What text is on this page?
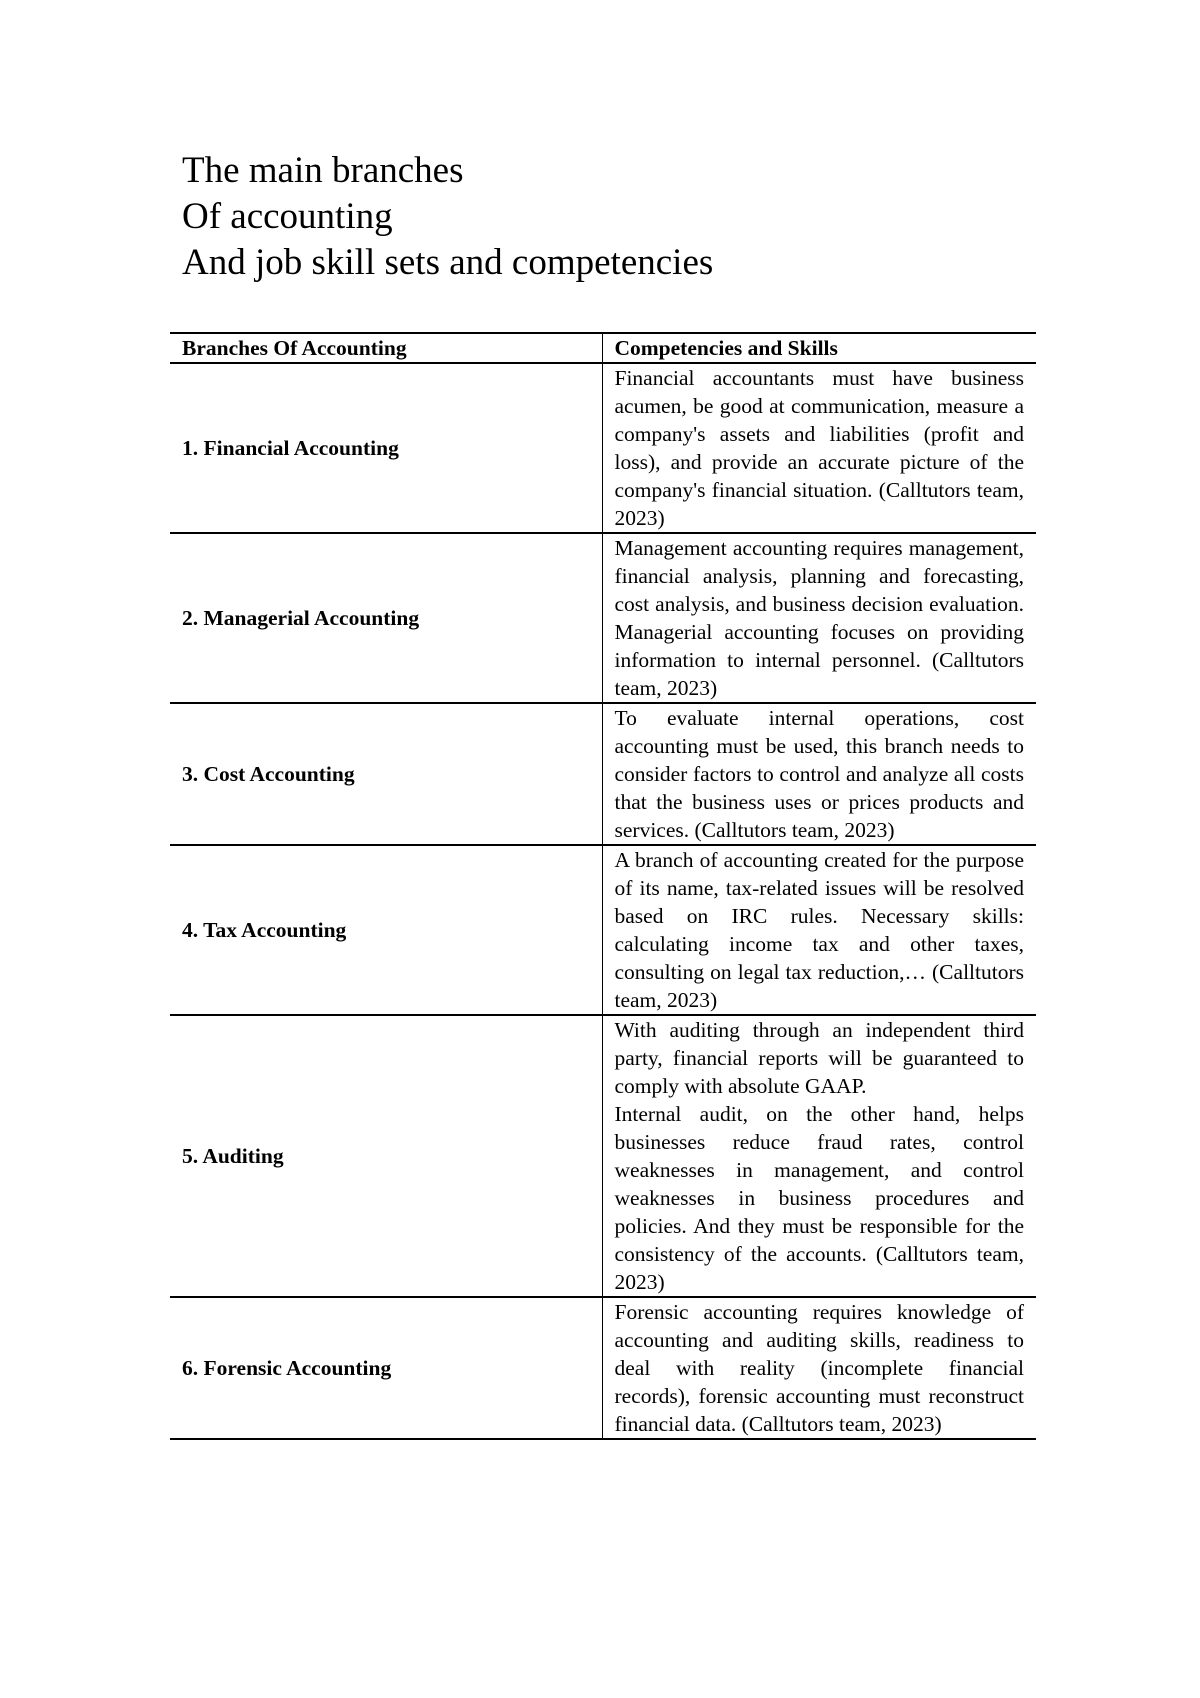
The main branches
Of accounting
And job skill sets and competencies
Branches Of Accounting	Competencies and Skills
1. Financial Accounting	Financial accountants must have business acumen, be good at communication, measure a company's assets and liabilities (profit and loss), and provide an accurate picture of the company's financial situation. (Calltutors team, 2023)

2. Managerial Accounting	Management accounting requires management, financial analysis, planning and forecasting, cost analysis, and business decision evaluation. Managerial accounting focuses on providing information to internal personnel. (Calltutors team, 2023)

3. Cost Accounting	To evaluate internal operations, cost accounting must be used, this branch needs to consider factors to control and analyze all costs that the business uses or prices products and services. (Calltutors team, 2023)

4. Tax Accounting	A branch of accounting created for the purpose of its name, tax-related issues will be resolved based on IRC rules. Necessary skills: calculating income tax and other taxes, consulting on legal tax reduction,… (Calltutors team, 2023)

5. Auditing	With auditing through an independent third party, financial reports will be guaranteed to comply with absolute GAAP.
Internal audit, on the other hand, helps businesses reduce fraud rates, control weaknesses in management, and control weaknesses in business procedures and policies. And they must be responsible for the consistency of the accounts. (Calltutors team, 2023)

6. Forensic Accounting	Forensic accounting requires knowledge of accounting and auditing skills, readiness to deal with reality (incomplete financial records), forensic accounting must reconstruct financial data. (Calltutors team, 2023)
